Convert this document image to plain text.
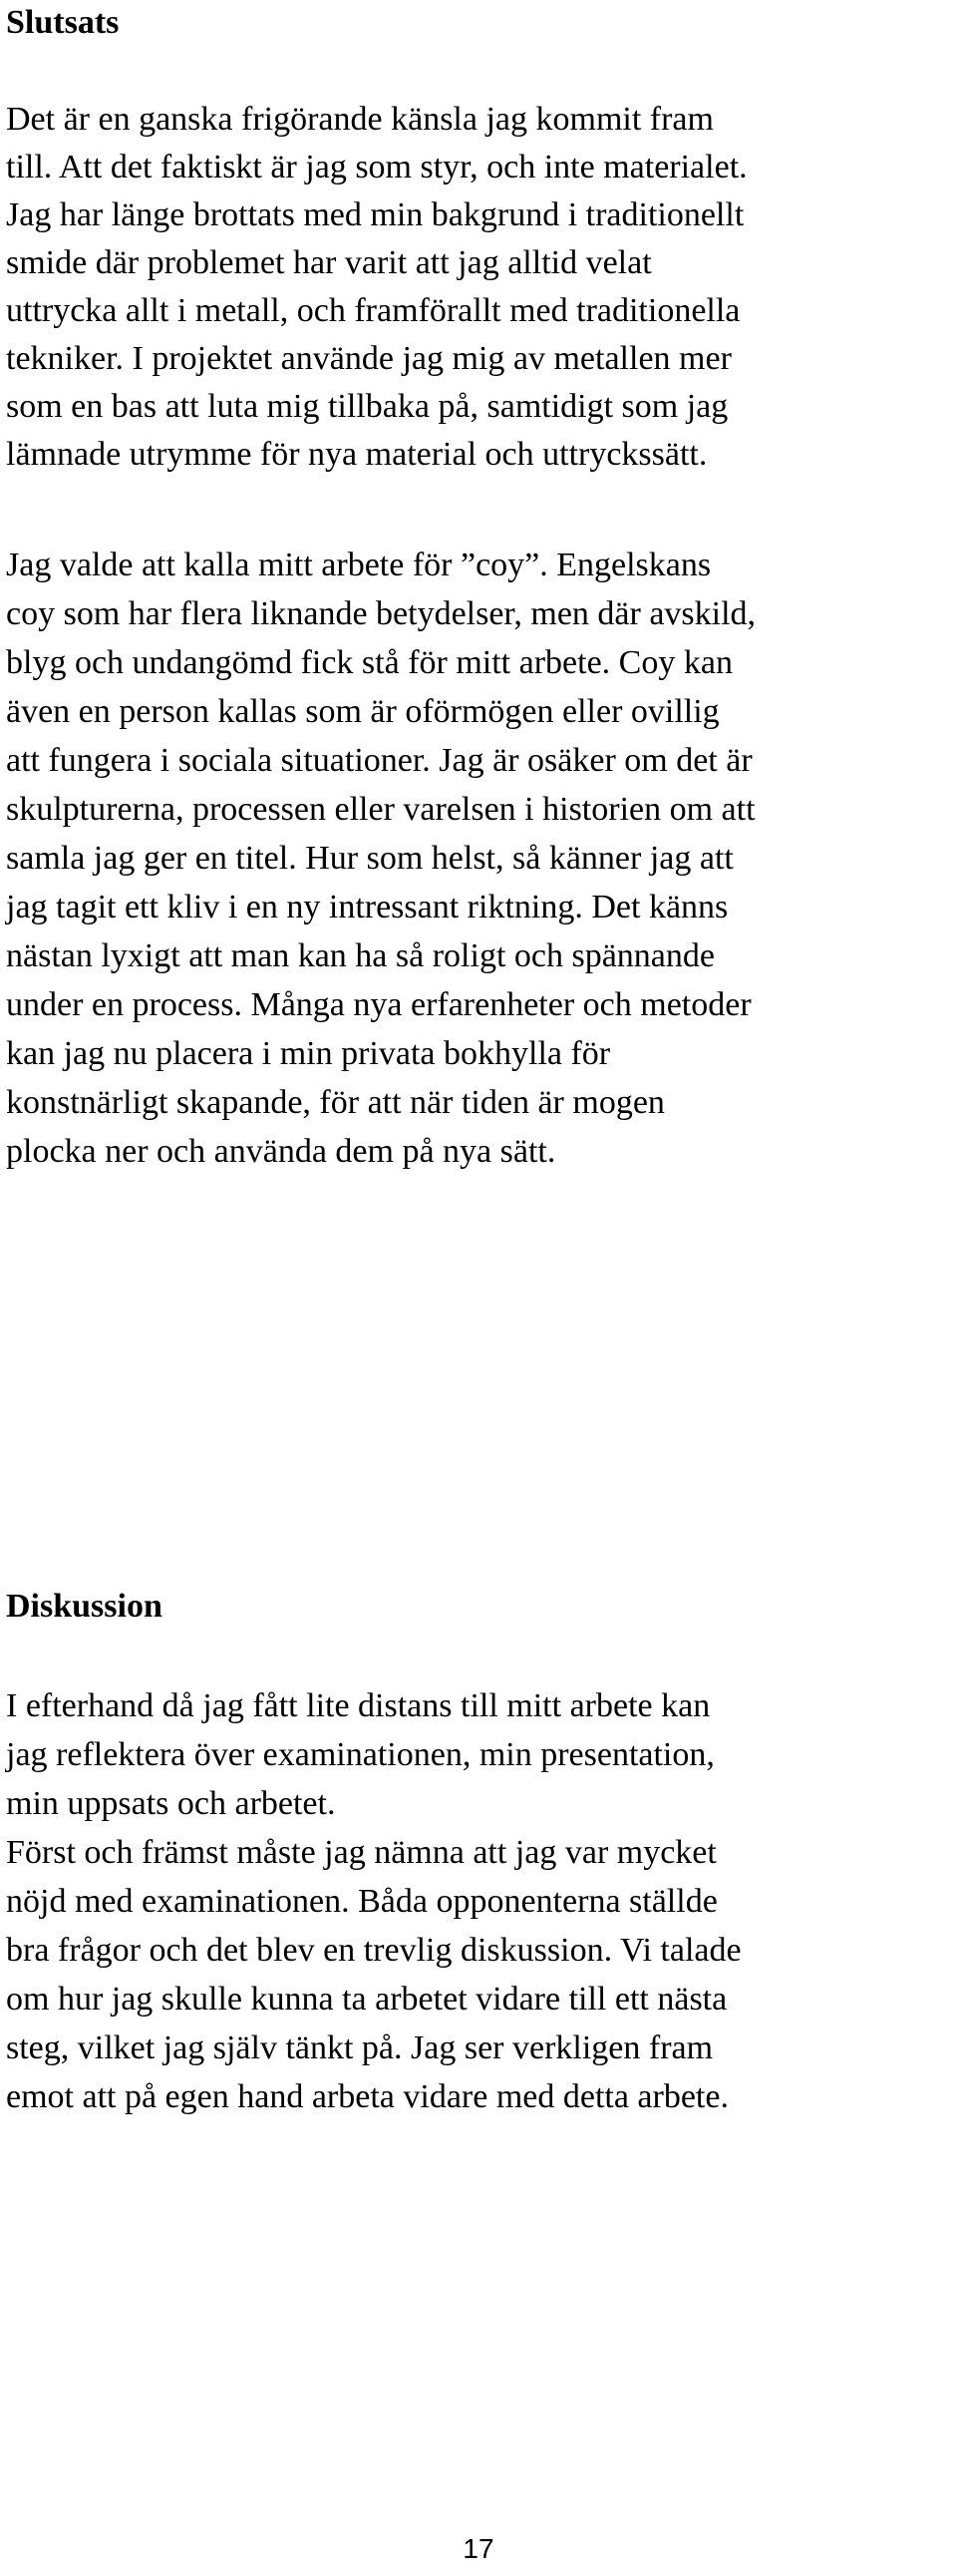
Slutsats
Det är en ganska frigörande känsla jag kommit fram
till. Att det faktiskt är jag som styr, och inte materialet.
Jag har länge brottats med min bakgrund i traditionellt
smide där problemet har varit att jag alltid velat
uttrycka allt i metall, och framförallt med traditionella
tekniker. I projektet använde jag mig av metallen mer
som en bas att luta mig tillbaka på, samtidigt som jag
lämnade utrymme för nya material och uttryckssätt.
Jag valde att kalla mitt arbete för ”coy”. Engelskans
coy som har flera liknande betydelser, men där avskild,
blyg och undangömd fick stå för mitt arbete. Coy kan
även en person kallas som är oförmögen eller ovillig
att fungera i sociala situationer. Jag är osäker om det är
skulpturerna, processen eller varelsen i historien om att
samla jag ger en titel. Hur som helst, så känner jag att
jag tagit ett kliv i en ny intressant riktning. Det känns
nästan lyxigt att man kan ha så roligt och spännande
under en process. Många nya erfarenheter och metoder
kan jag nu placera i min privata bokhylla för
konstnärligt skapande, för att när tiden är mogen
plocka ner och använda dem på nya sätt.
Diskussion
I efterhand då jag fått lite distans till mitt arbete kan
jag reflektera över examinationen, min presentation,
min uppsats och arbetet.
Först och främst måste jag nämna att jag var mycket
nöjd med examinationen. Båda opponenterna ställde
bra frågor och det blev en trevlig diskussion. Vi talade
om hur jag skulle kunna ta arbetet vidare till ett nästa
steg, vilket jag själv tänkt på. Jag ser verkligen fram
emot att på egen hand arbeta vidare med detta arbete.
17
